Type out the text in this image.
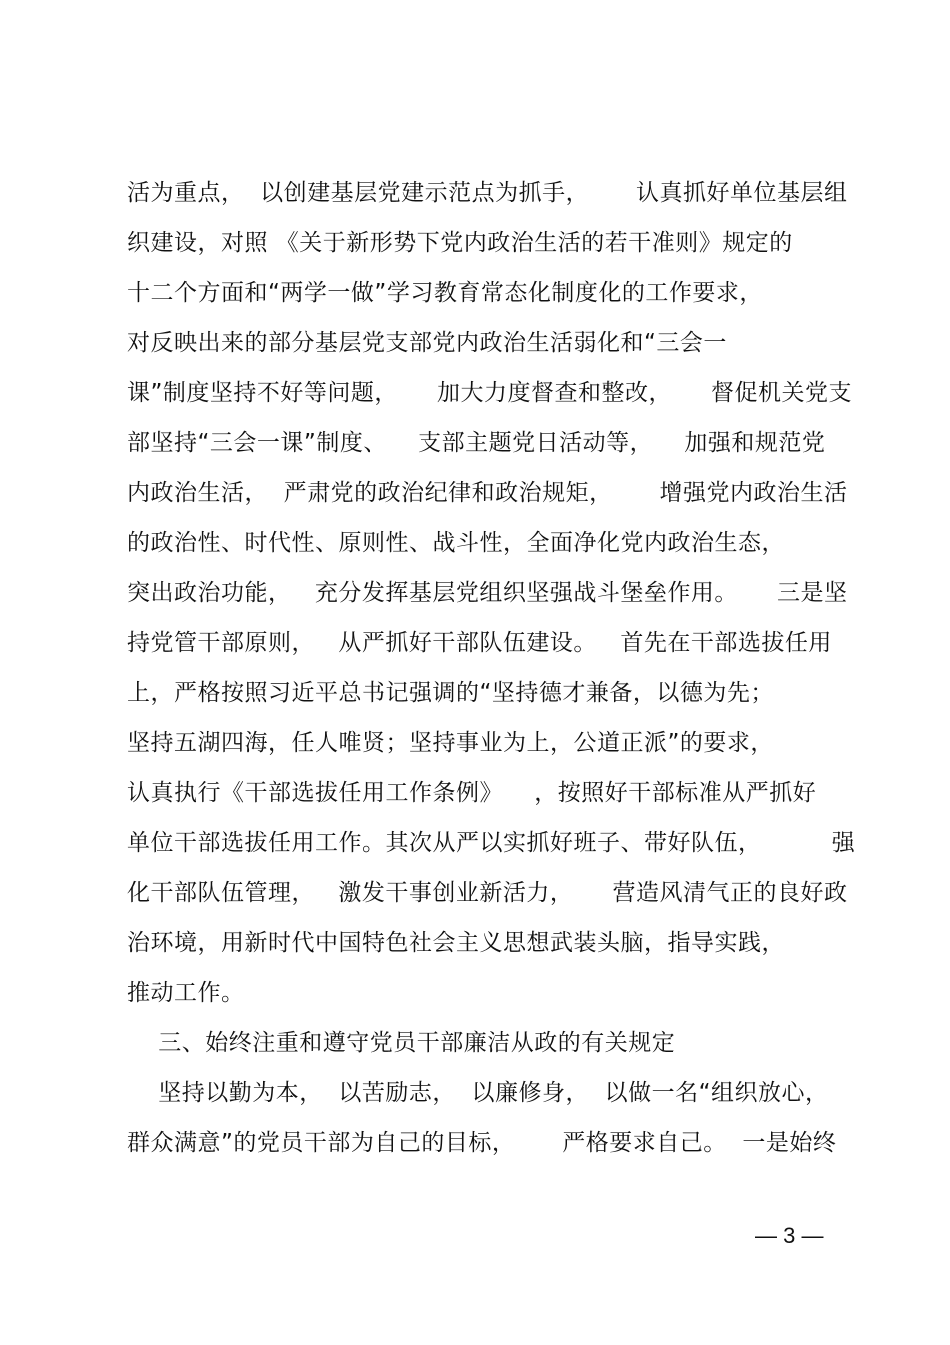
活为重点，  以创建基层党建示范点为抓手，      认真抓好单位基层组
织建设，对照 《关于新形势下党内政治生活的若干准则》规定的
十二个方面和“两学一做”学习教育常态化制度化的工作要求，
对反映出来的部分基层党支部党内政治生活弱化和“三会一
课”制度坚持不好等问题，     加大力度督查和整改，     督促机关党支
部坚持“三会一课”制度、    支部主题党日活动等，    加强和规范党
内政治生活，  严肃党的政治纪律和政治规矩，      增强党内政治生活
的政治性、时代性、原则性、战斗性，全面净化党内政治生态，
突出政治功能，   充分发挥基层党组织坚强战斗堡垒作用。     三是坚
持党管干部原则，   从严抓好干部队伍建设。   首先在干部选拔任用
上，严格按照习近平总书记强调的“坚持德才兼备，以德为先；
坚持五湖四海，任人唯贤；坚持事业为上，公道正派”的要求，
认真执行《干部选拔任用工作条例》    ，按照好干部标准从严抓好
单位干部选拔任用工作。其次从严以实抓好班子、带好队伍，         强
化干部队伍管理，   激发干事创业新活力，     营造风清气正的良好政
治环境，用新时代中国特色社会主义思想武装头脑，指导实践，
推动工作。
三、始终注重和遵守党员干部廉洁从政的有关规定
坚持以勤为本，  以苦励志，  以廉修身，  以做一名“组织放心，
群众满意”的党员干部为自己的目标，      严格要求自己。  一是始终
— 3 —
